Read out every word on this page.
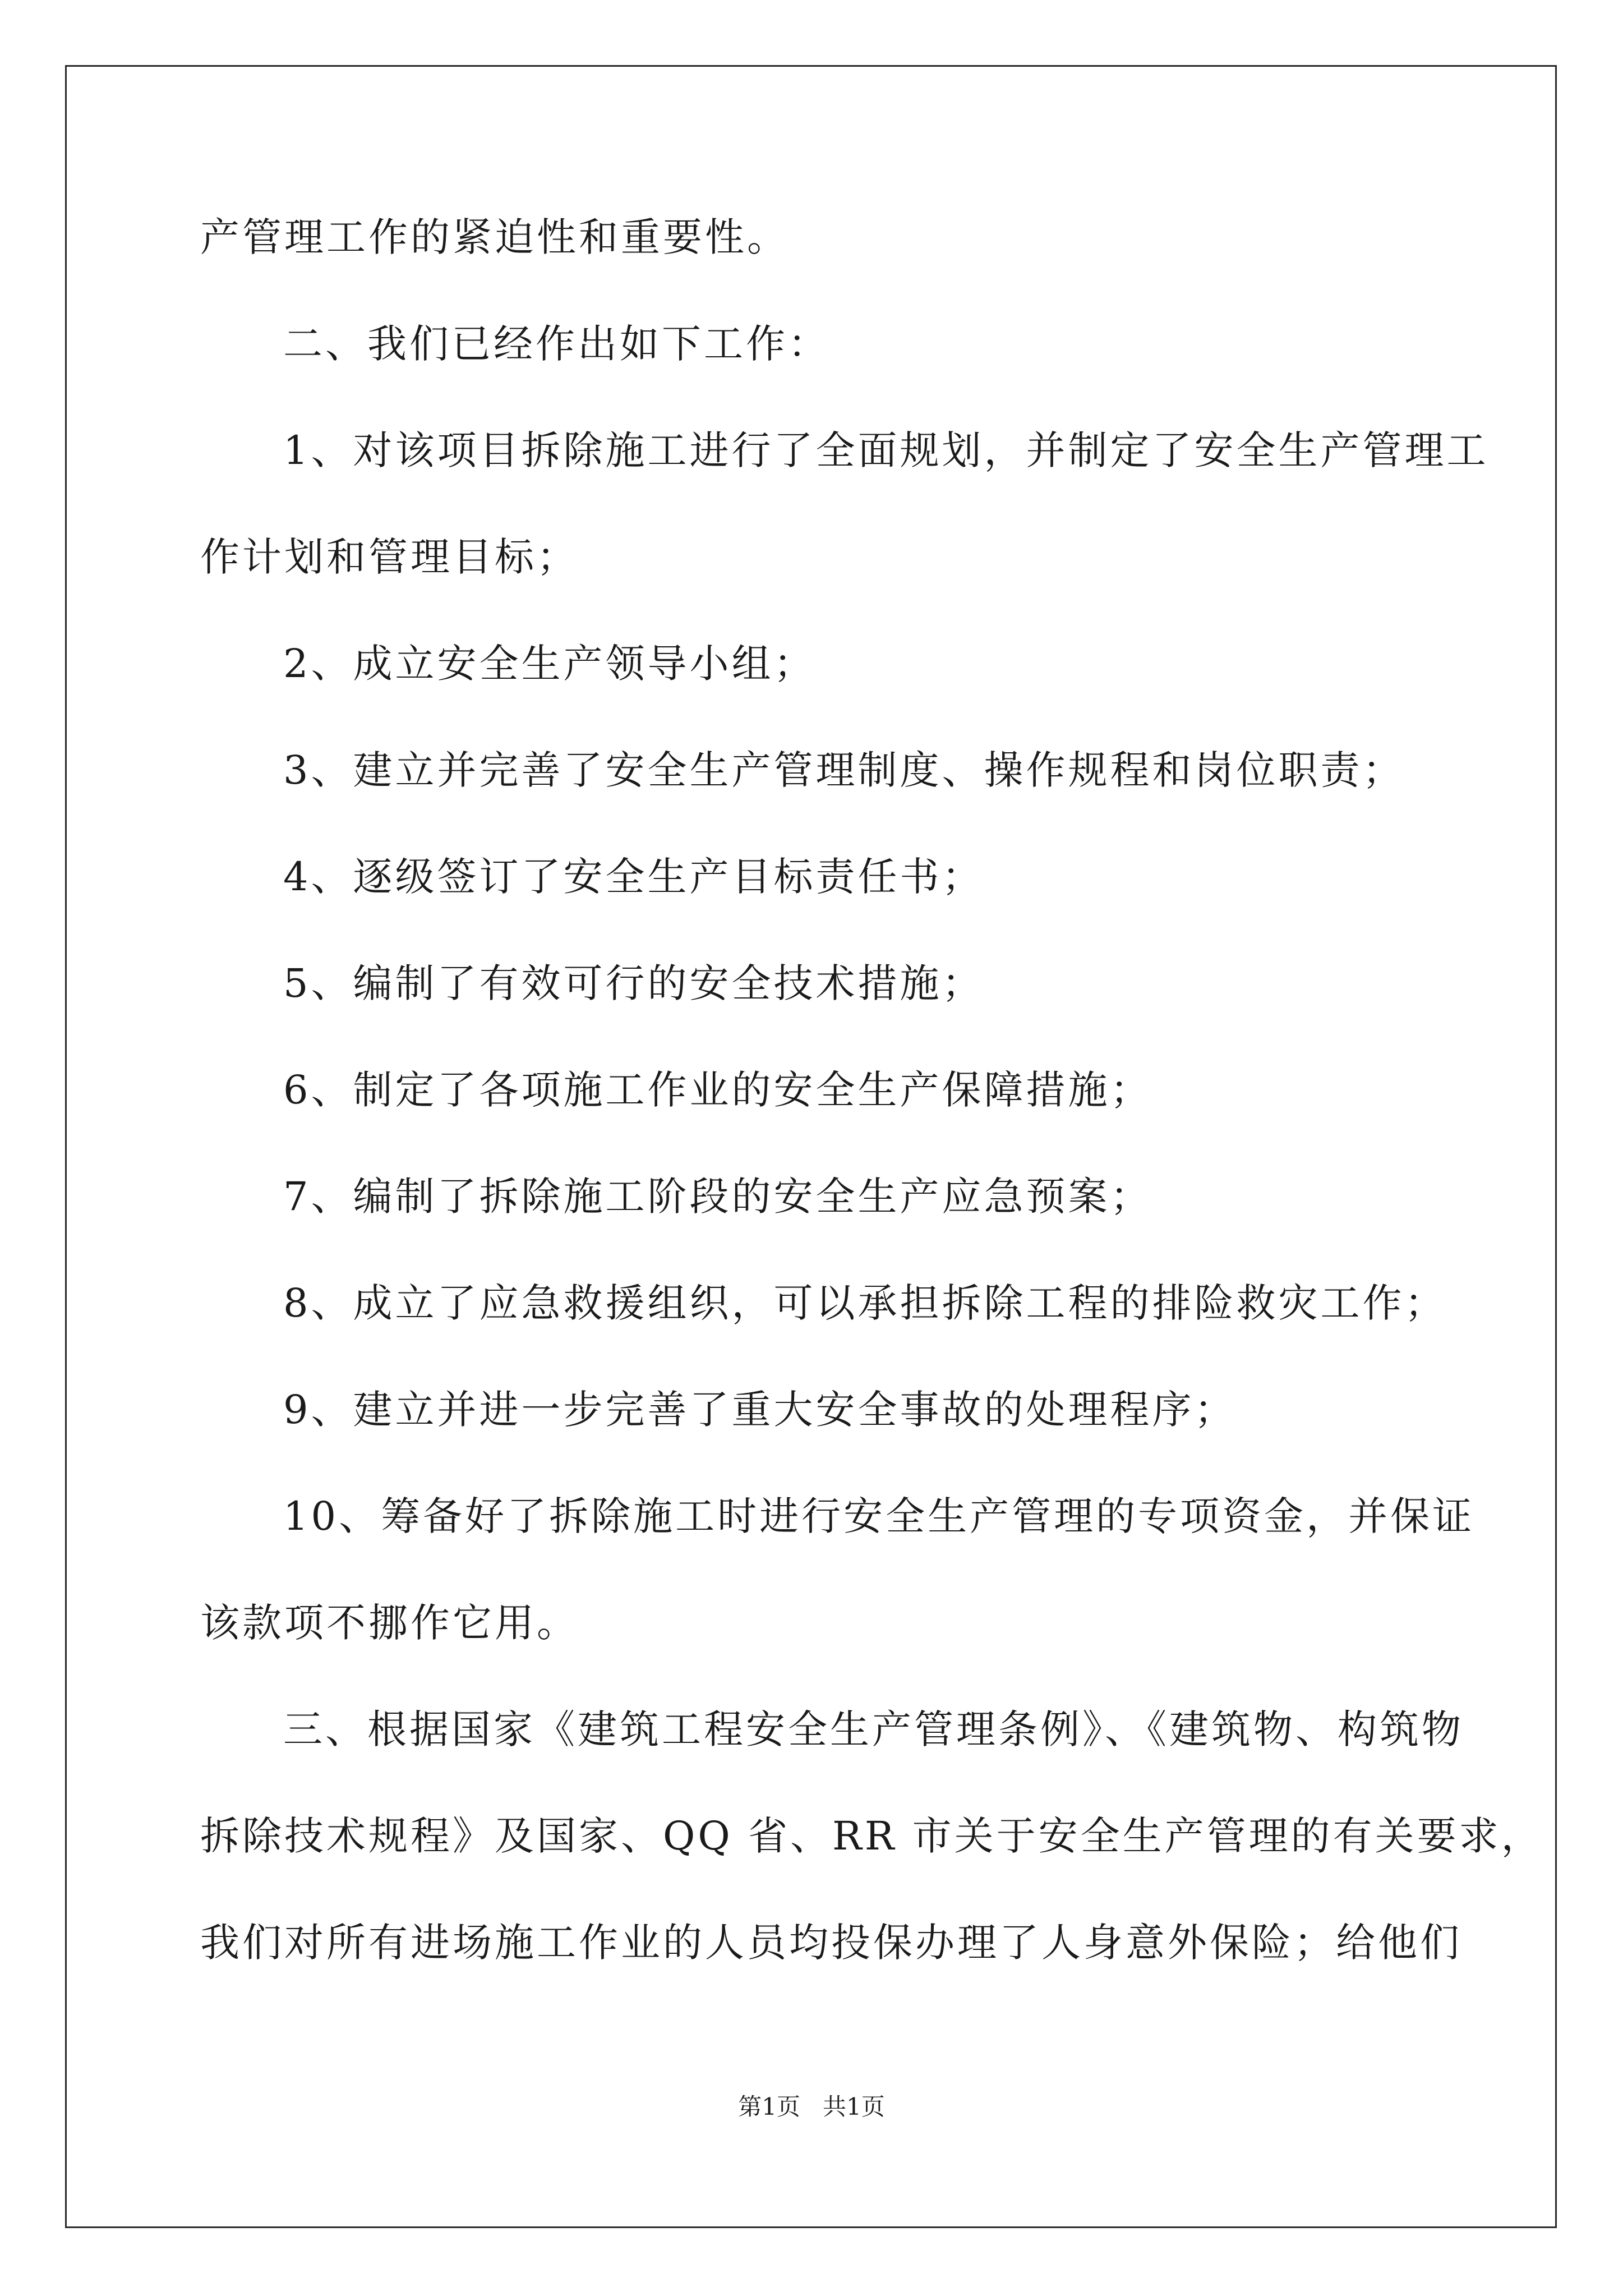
产管理工作的紧迫性和重要性。
二、我们已经作出如下工作：
1、对该项目拆除施工进行了全面规划，并制定了安全生产管理工
作计划和管理目标；
2、成立安全生产领导小组；
3、建立并完善了安全生产管理制度、操作规程和岗位职责；
4、逐级签订了安全生产目标责任书；
5、编制了有效可行的安全技术措施；
6、制定了各项施工作业的安全生产保障措施；
7、编制了拆除施工阶段的安全生产应急预案；
8、成立了应急救援组织，可以承担拆除工程的排险救灾工作；
9、建立并进一步完善了重大安全事故的处理程序；
10、筹备好了拆除施工时进行安全生产管理的专项资金，并保证
该款项不挪作它用。
三、根据国家《建筑工程安全生产管理条例》、《建筑物、构筑物
拆除技术规程》及国家、QQ 省、RR 市关于安全生产管理的有关要求，
我们对所有进场施工作业的人员均投保办理了人身意外保险；给他们
第1页   共1页
